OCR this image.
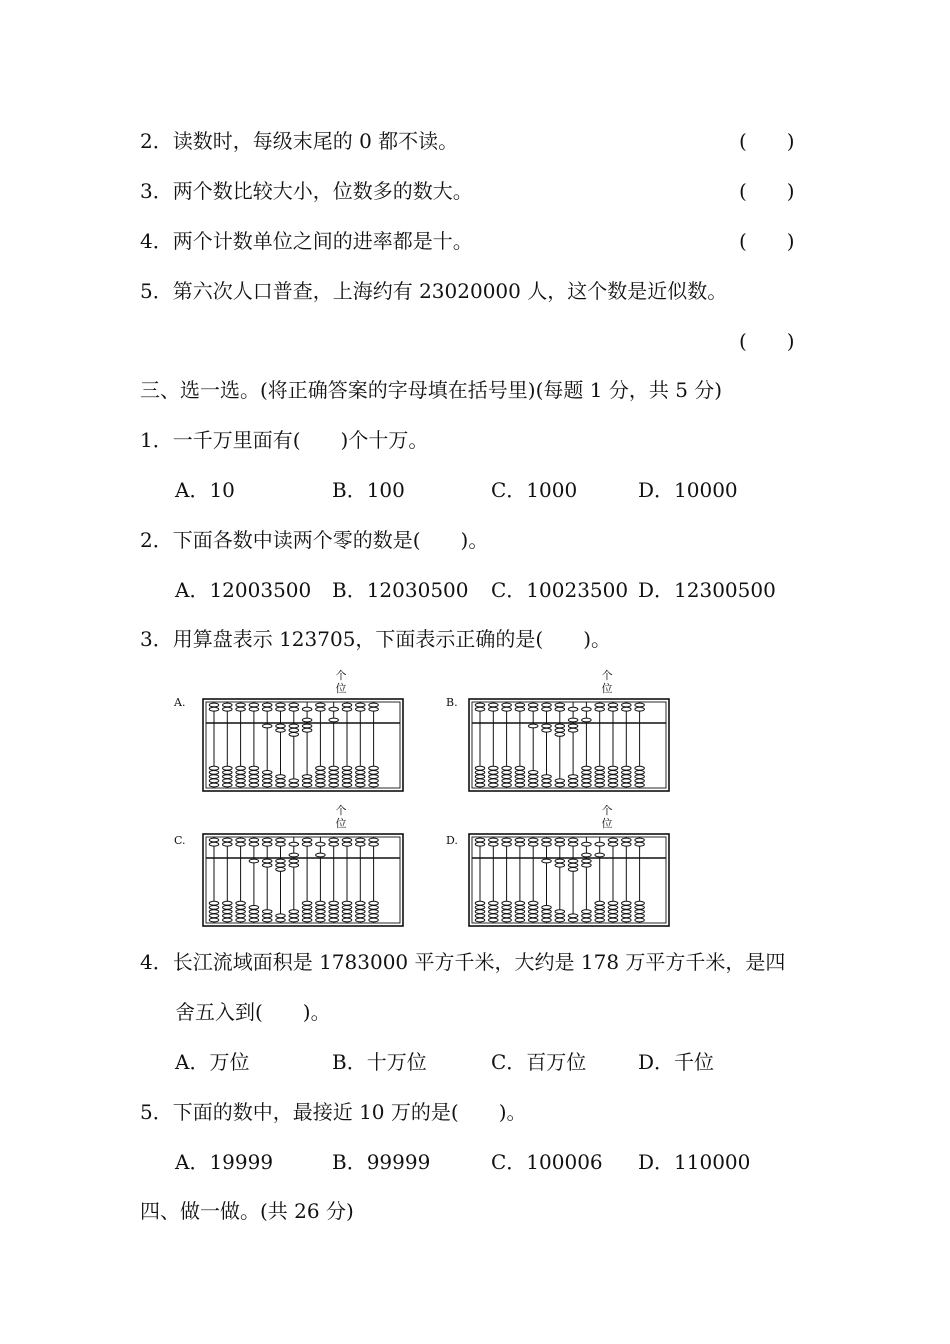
2．读数时，每级末尾的 0 都不读。	(　　)
3．两个数比较大小，位数多的数大。	(　　)
4．两个计数单位之间的进率都是十。	(　　)
5．第六次人口普查，上海约有 23020000 人，这个数是近似数。
(　　)
三、选一选。(将正确答案的字母填在括号里)(每题 1 分，共 5 分)
1．一千万里面有(　　)个十万。
A．10	B．100	C．1000	D．10000
2．下面各数中读两个零的数是(　　)。
A．12003500 B．12030500 C．10023500 D．12300500
3．用算盘表示 123705，下面表示正确的是(　　)。
A.
个
位
B.
个
位
C.
个
位
D.
个
位
4．长江流域面积是 1783000 平方千米，大约是 178 万平方千米，是四
舍五入到(　　)。
A．万位	B．十万位	C．百万位	D．千位
5．下面的数中，最接近 10 万的是(　　)。
A．19999	B．99999	C．100006 D．110000
四、做一做。(共 26 分)
